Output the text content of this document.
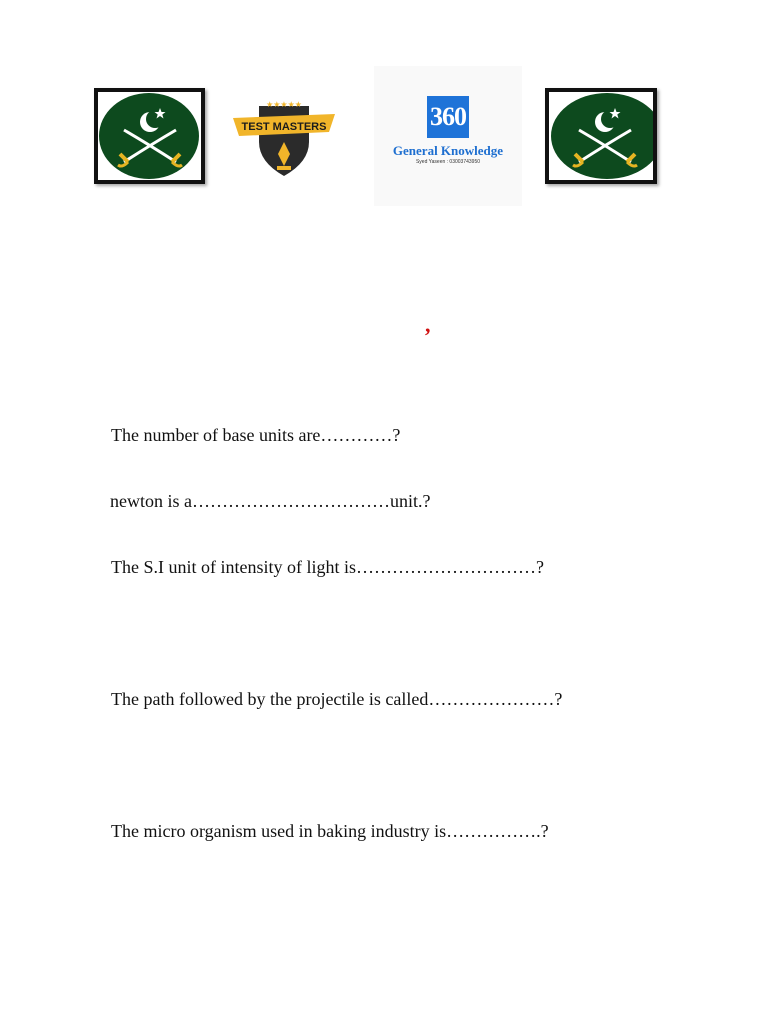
★★★★★
TEST MASTERS	360
General Knowledge
Syed Yaseen : 03003743950
,

The number of base units are…………?

newton is a……………………………unit.?

The S.I unit of intensity of light is…………………………?

The path followed by the projectile is called…………………?

The micro organism used in baking industry is…………….?
